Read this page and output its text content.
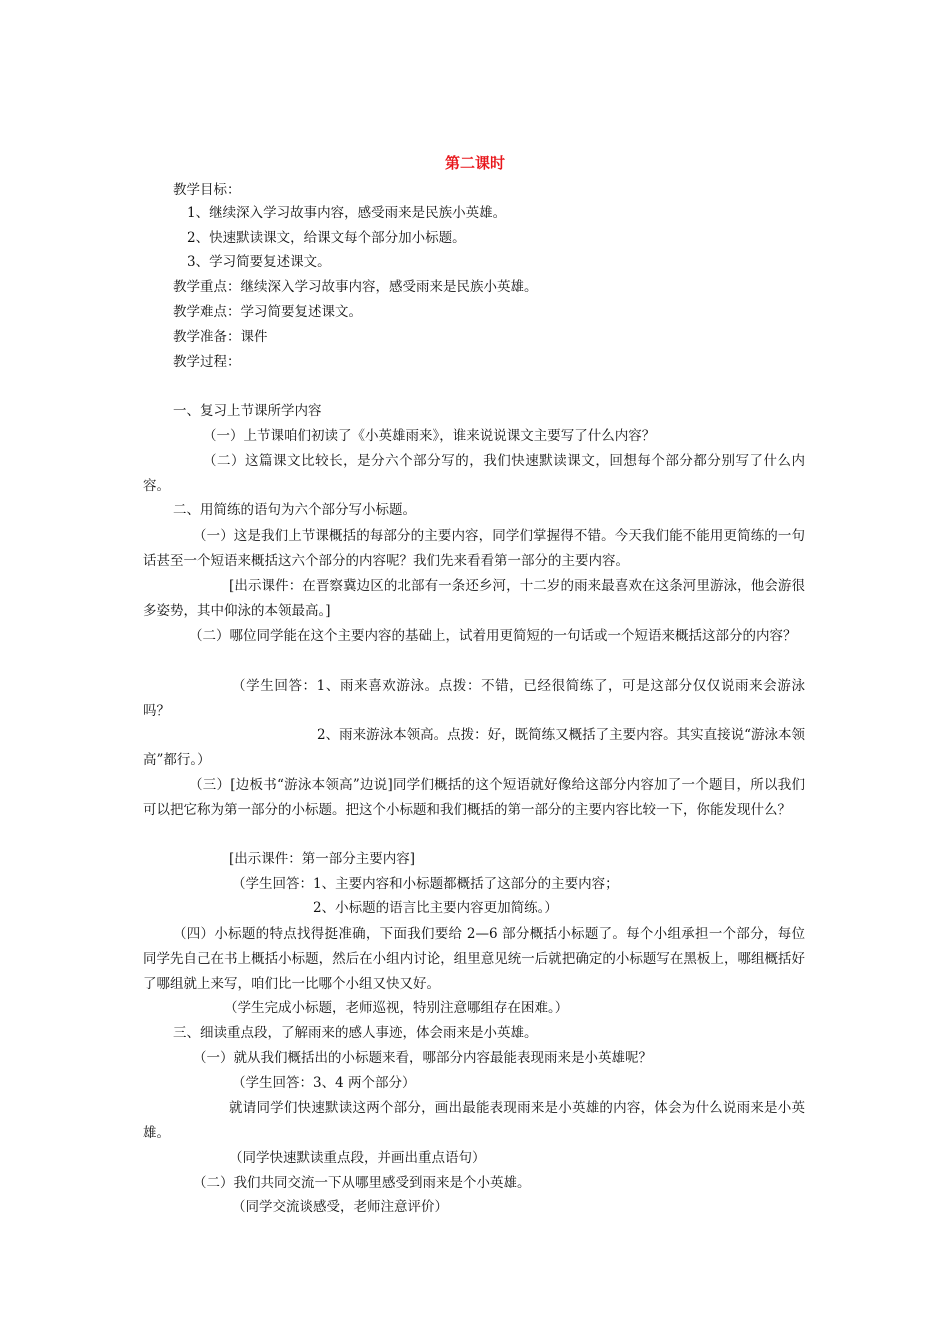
第二课时
教学目标：
1、继续深入学习故事内容，感受雨来是民族小英雄。
2、快速默读课文，给课文每个部分加小标题。
3、学习简要复述课文。
教学重点：继续深入学习故事内容，感受雨来是民族小英雄。
教学难点：学习简要复述课文。
教学准备：课件
教学过程：
一、复习上节课所学内容
（一）上节课咱们初读了《小英雄雨来》，谁来说说课文主要写了什么内容？
（二）这篇课文比较长，是分六个部分写的，我们快速默读课文，回想每个部分都分别写了什么内容。
二、用简练的语句为六个部分写小标题。
（一）这是我们上节课概括的每部分的主要内容，同学们掌握得不错。今天我们能不能用更简练的一句话甚至一个短语来概括这六个部分的内容呢？我们先来看看第一部分的主要内容。
[出示课件：在晋察冀边区的北部有一条还乡河，十二岁的雨来最喜欢在这条河里游泳，他会游很多姿势，其中仰泳的本领最高。]
（二）哪位同学能在这个主要内容的基础上，试着用更简短的一句话或一个短语来概括这部分的内容？
（学生回答：1、雨来喜欢游泳。点拨：不错，已经很简练了，可是这部分仅仅说雨来会游泳吗？
2、雨来游泳本领高。点拨：好，既简练又概括了主要内容。其实直接说“游泳本领高”都行。）
（三）[边板书“游泳本领高”边说]同学们概括的这个短语就好像给这部分内容加了一个题目，所以我们可以把它称为第一部分的小标题。把这个小标题和我们概括的第一部分的主要内容比较一下，你能发现什么？
[出示课件：第一部分主要内容]
（学生回答：1、主要内容和小标题都概括了这部分的主要内容；
2、小标题的语言比主要内容更加简练。）
（四）小标题的特点找得挺准确，下面我们要给 2—6 部分概括小标题了。每个小组承担一个部分，每位同学先自己在书上概括小标题，然后在小组内讨论，组里意见统一后就把确定的小标题写在黑板上，哪组概括好了哪组就上来写，咱们比一比哪个小组又快又好。
（学生完成小标题，老师巡视，特别注意哪组存在困难。）
三、细读重点段，了解雨来的感人事迹，体会雨来是小英雄。
（一）就从我们概括出的小标题来看，哪部分内容最能表现雨来是小英雄呢？
（学生回答：3、4 两个部分）
就请同学们快速默读这两个部分，画出最能表现雨来是小英雄的内容，体会为什么说雨来是小英雄。
（同学快速默读重点段，并画出重点语句）
（二）我们共同交流一下从哪里感受到雨来是个小英雄。
（同学交流谈感受，老师注意评价）
